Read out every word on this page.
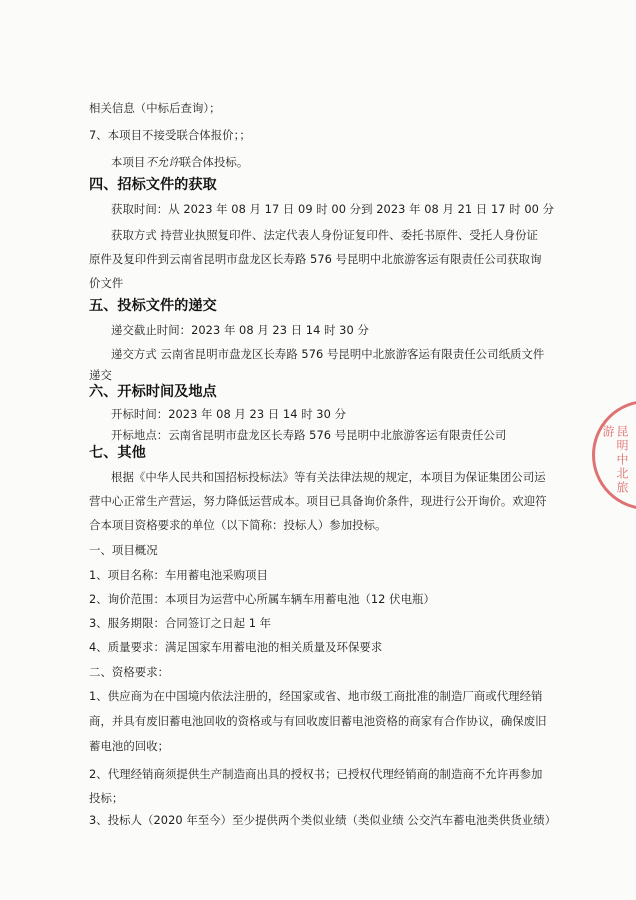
相关信息（中标后查询）；
7、本项目不接受联合体报价；；
本项目不允许联合体投标。
四、招标文件的获取
获取时间：从 2023 年 08 月 17 日 09 时 00 分到 2023 年 08 月 21 日 17 时 00 分
获取方式 持营业执照复印件、法定代表人身份证复印件、委托书原件、受托人身份证
原件及复印件到云南省昆明市盘龙区长寿路 576 号昆明中北旅游客运有限责任公司获取询
价文件
五、投标文件的递交
递交截止时间：2023 年 08 月 23 日 14 时 30 分
递交方式 云南省昆明市盘龙区长寿路 576 号昆明中北旅游客运有限责任公司纸质文件
递交
六、开标时间及地点
开标时间：2023 年 08 月 23 日 14 时 30 分
开标地点：云南省昆明市盘龙区长寿路 576 号昆明中北旅游客运有限责任公司
七、其他
根据《中华人民共和国招标投标法》等有关法律法规的规定，本项目为保证集团公司运
营中心正常生产营运，努力降低运营成本。项目已具备询价条件，现进行公开询价。欢迎符
合本项目资格要求的单位（以下简称：投标人）参加投标。
一、项目概况
1、项目名称：车用蓄电池采购项目
2、询价范围：本项目为运营中心所属车辆车用蓄电池（12 伏电瓶）
3、服务期限：合同签订之日起 1 年
4、质量要求：满足国家车用蓄电池的相关质量及环保要求
二、资格要求：
1、供应商为在中国境内依法注册的，经国家或省、地市级工商批准的制造厂商或代理经销
商，并具有废旧蓄电池回收的资格或与有回收废旧蓄电池资格的商家有合作协议，确保废旧
蓄电池的回收；
2、代理经销商须提供生产制造商出具的授权书；已授权代理经销商的制造商不允许再参加
投标；
3、投标人（2020 年至今）至少提供两个类似业绩（类似业绩 公交汽车蓄电池类供货业绩）
昆明中北旅游
